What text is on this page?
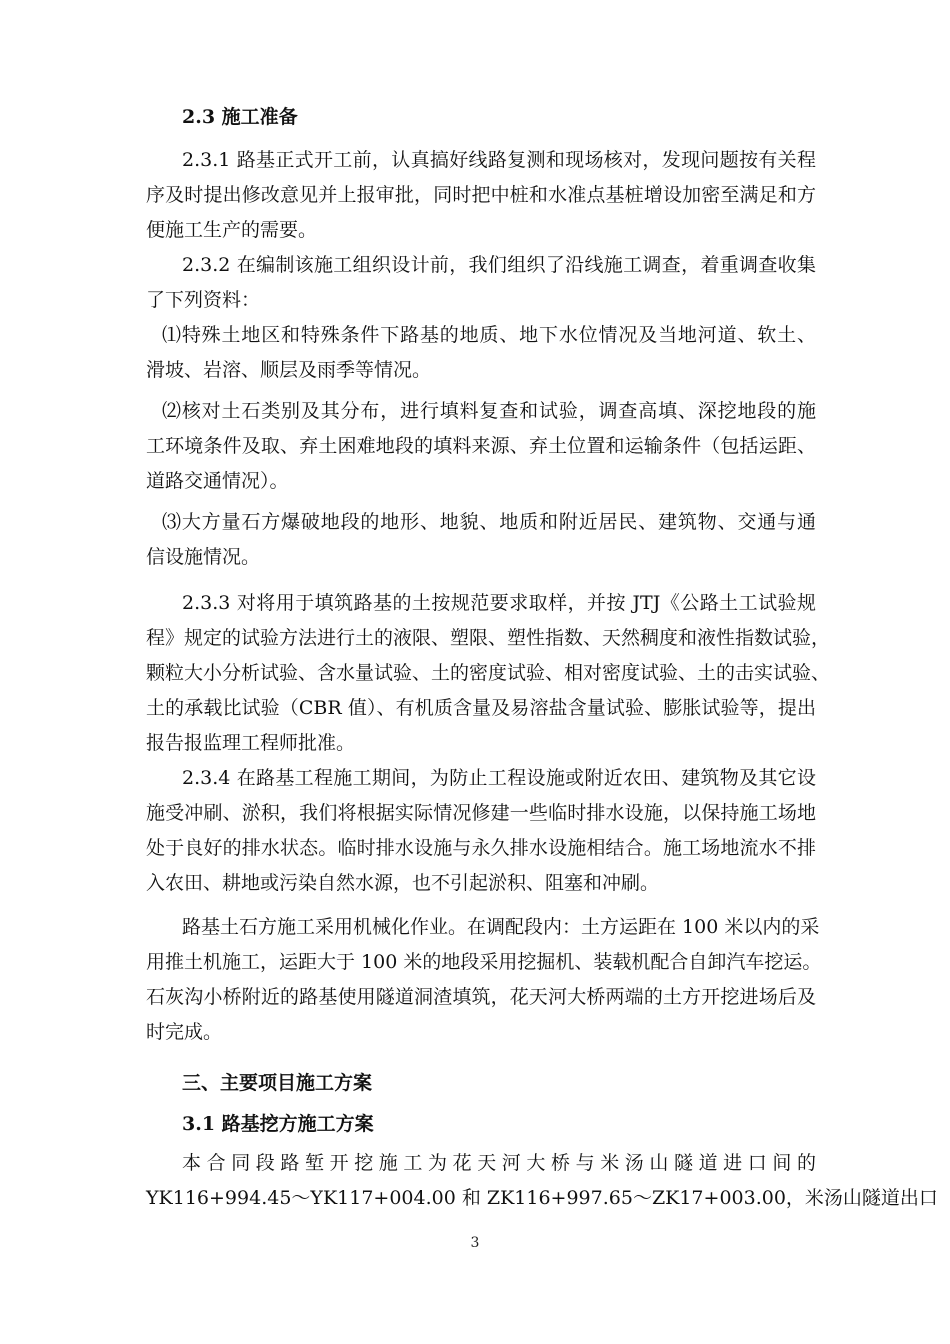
2.3 施工准备
2.3.1 路基正式开工前，认真搞好线路复测和现场核对，发现问题按有关程
序及时提出修改意见并上报审批，同时把中桩和水准点基桩增设加密至满足和方
便施工生产的需要。
2.3.2 在编制该施工组织设计前，我们组织了沿线施工调查，着重调查收集
了下列资料：
⑴特殊土地区和特殊条件下路基的地质、地下水位情况及当地河道、软土、
滑坡、岩溶、顺层及雨季等情况。
⑵核对土石类别及其分布，进行填料复查和试验，调查高填、深挖地段的施
工环境条件及取、弃土困难地段的填料来源、弃土位置和运输条件（包括运距、
道路交通情况）。
⑶大方量石方爆破地段的地形、地貌、地质和附近居民、建筑物、交通与通
信设施情况。
2.3.3 对将用于填筑路基的土按规范要求取样，并按 JTJ《公路土工试验规
程》规定的试验方法进行土的液限、塑限、塑性指数、天然稠度和液性指数试验，
颗粒大小分析试验、含水量试验、土的密度试验、相对密度试验、土的击实试验、
土的承载比试验（CBR 值）、有机质含量及易溶盐含量试验、膨胀试验等，提出
报告报监理工程师批准。
2.3.4 在路基工程施工期间，为防止工程设施或附近农田、建筑物及其它设
施受冲刷、淤积，我们将根据实际情况修建一些临时排水设施，以保持施工场地
处于良好的排水状态。临时排水设施与永久排水设施相结合。施工场地流水不排
入农田、耕地或污染自然水源，也不引起淤积、阻塞和冲刷。
路基土石方施工采用机械化作业。在调配段内：土方运距在 100 米以内的采
用推土机施工，运距大于 100 米的地段采用挖掘机、装载机配合自卸汽车挖运。
石灰沟小桥附近的路基使用隧道洞渣填筑，花天河大桥两端的土方开挖进场后及
时完成。
三、主要项目施工方案
3.1 路基挖方施工方案
本合同段路堑开挖施工为花天河大桥与米汤山隧道进口间的
YK116+994.45～YK117+004.00 和 ZK116+997.65～ZK17+003.00，米汤山隧道出口
3
